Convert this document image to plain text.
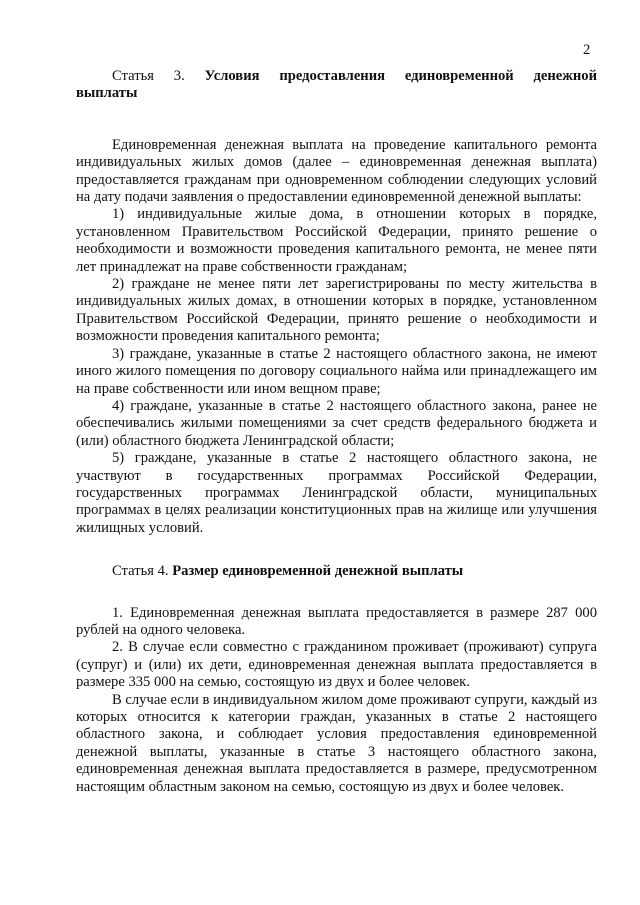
2

Статья 3. Условия предоставления единовременной денежной

выплаты

Единовременная денежная выплата на проведение капитального ремонта индивидуальных жилых домов (далее – единовременная денежная выплата) предоставляется гражданам при одновременном соблюдении следующих условий на дату подачи заявления о предоставлении единовременной денежной выплаты:

1) индивидуальные жилые дома, в отношении которых в порядке, установленном Правительством Российской Федерации, принято решение о необходимости и возможности проведения капитального ремонта, не менее пяти лет принадлежат на праве собственности гражданам;

2) граждане не менее пяти лет зарегистрированы по месту жительства в индивидуальных жилых домах, в отношении которых в порядке, установленном Правительством Российской Федерации, принято решение о необходимости и возможности проведения капитального ремонта;

3) граждане, указанные в статье 2 настоящего областного закона, не имеют иного жилого помещения по договору социального найма или принадлежащего им на праве собственности или ином вещном праве;

4) граждане, указанные в статье 2 настоящего областного закона, ранее не обеспечивались жилыми помещениями за счет средств федерального бюджета и (или) областного бюджета Ленинградской области;

5) граждане, указанные в статье 2 настоящего областного закона, не участвуют в государственных программах Российской Федерации, государственных программах Ленинградской области, муниципальных программах в целях реализации конституционных прав на жилище или улучшения жилищных условий.

Статья 4. Размер единовременной денежной выплаты

1. Единовременная денежная выплата предоставляется в размере 287 000 рублей на одного человека.

2. В случае если совместно с гражданином проживает (проживают) супруга (супруг) и (или) их дети, единовременная денежная выплата предоставляется в размере 335 000 на семью, состоящую из двух и более человек.

В случае если в индивидуальном жилом доме проживают супруги, каждый из которых относится к категории граждан, указанных в статье 2 настоящего областного закона, и соблюдает условия предоставления единовременной денежной выплаты, указанные в статье 3 настоящего областного закона, единовременная денежная выплата предоставляется в размере, предусмотренном настоящим областным законом на семью, состоящую из двух и более человек.
